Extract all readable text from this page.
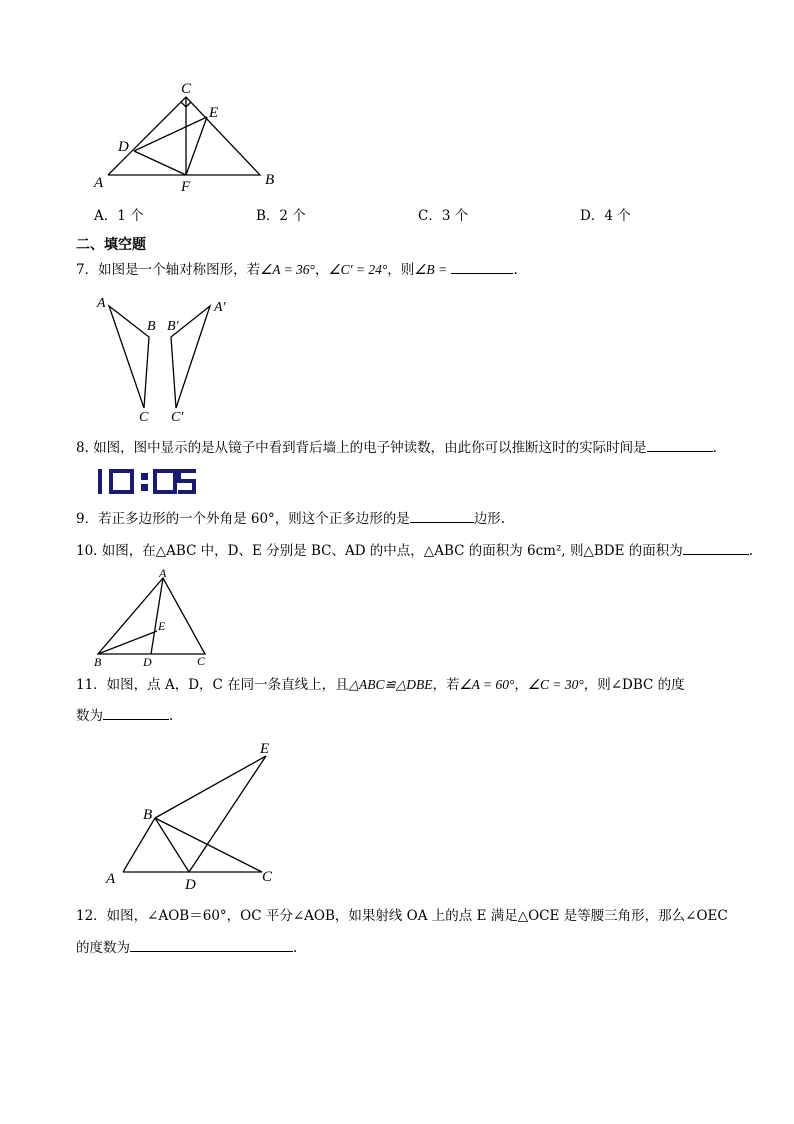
C
E
D
A	F	B
A．1 个	B．2 个	C．3 个	D．4 个
二、填空题
7．如图是一个轴对称图形，若∠A = 36°，∠C′ = 24°，则∠B =	.
A
B
C
B′
A′
C′
8. 如图，图中显示的是从镜子中看到背后墙上的电子钟读数，由此你可以推断这时的实际时间是	.
9．若正多边形的一个外角是 60°，则这个正多边形的是	边形.
10. 如图，在△ABC 中，D、E 分别是 BC、AD 的中点，△ABC 的面积为 6cm², 则△BDE 的面积为	.
A
E
B	D	C
11．如图，点 A，D，C 在同一条直线上，且△ABC≌△DBE，若∠A = 60°，∠C = 30°，则∠DBC 的度
数为	.
E
B
A	D	C
12．如图，∠AOB＝60°，OC 平分∠AOB，如果射线 OA 上的点 E 满足△OCE 是等腰三角形，那么∠OEC
的度数为	.
